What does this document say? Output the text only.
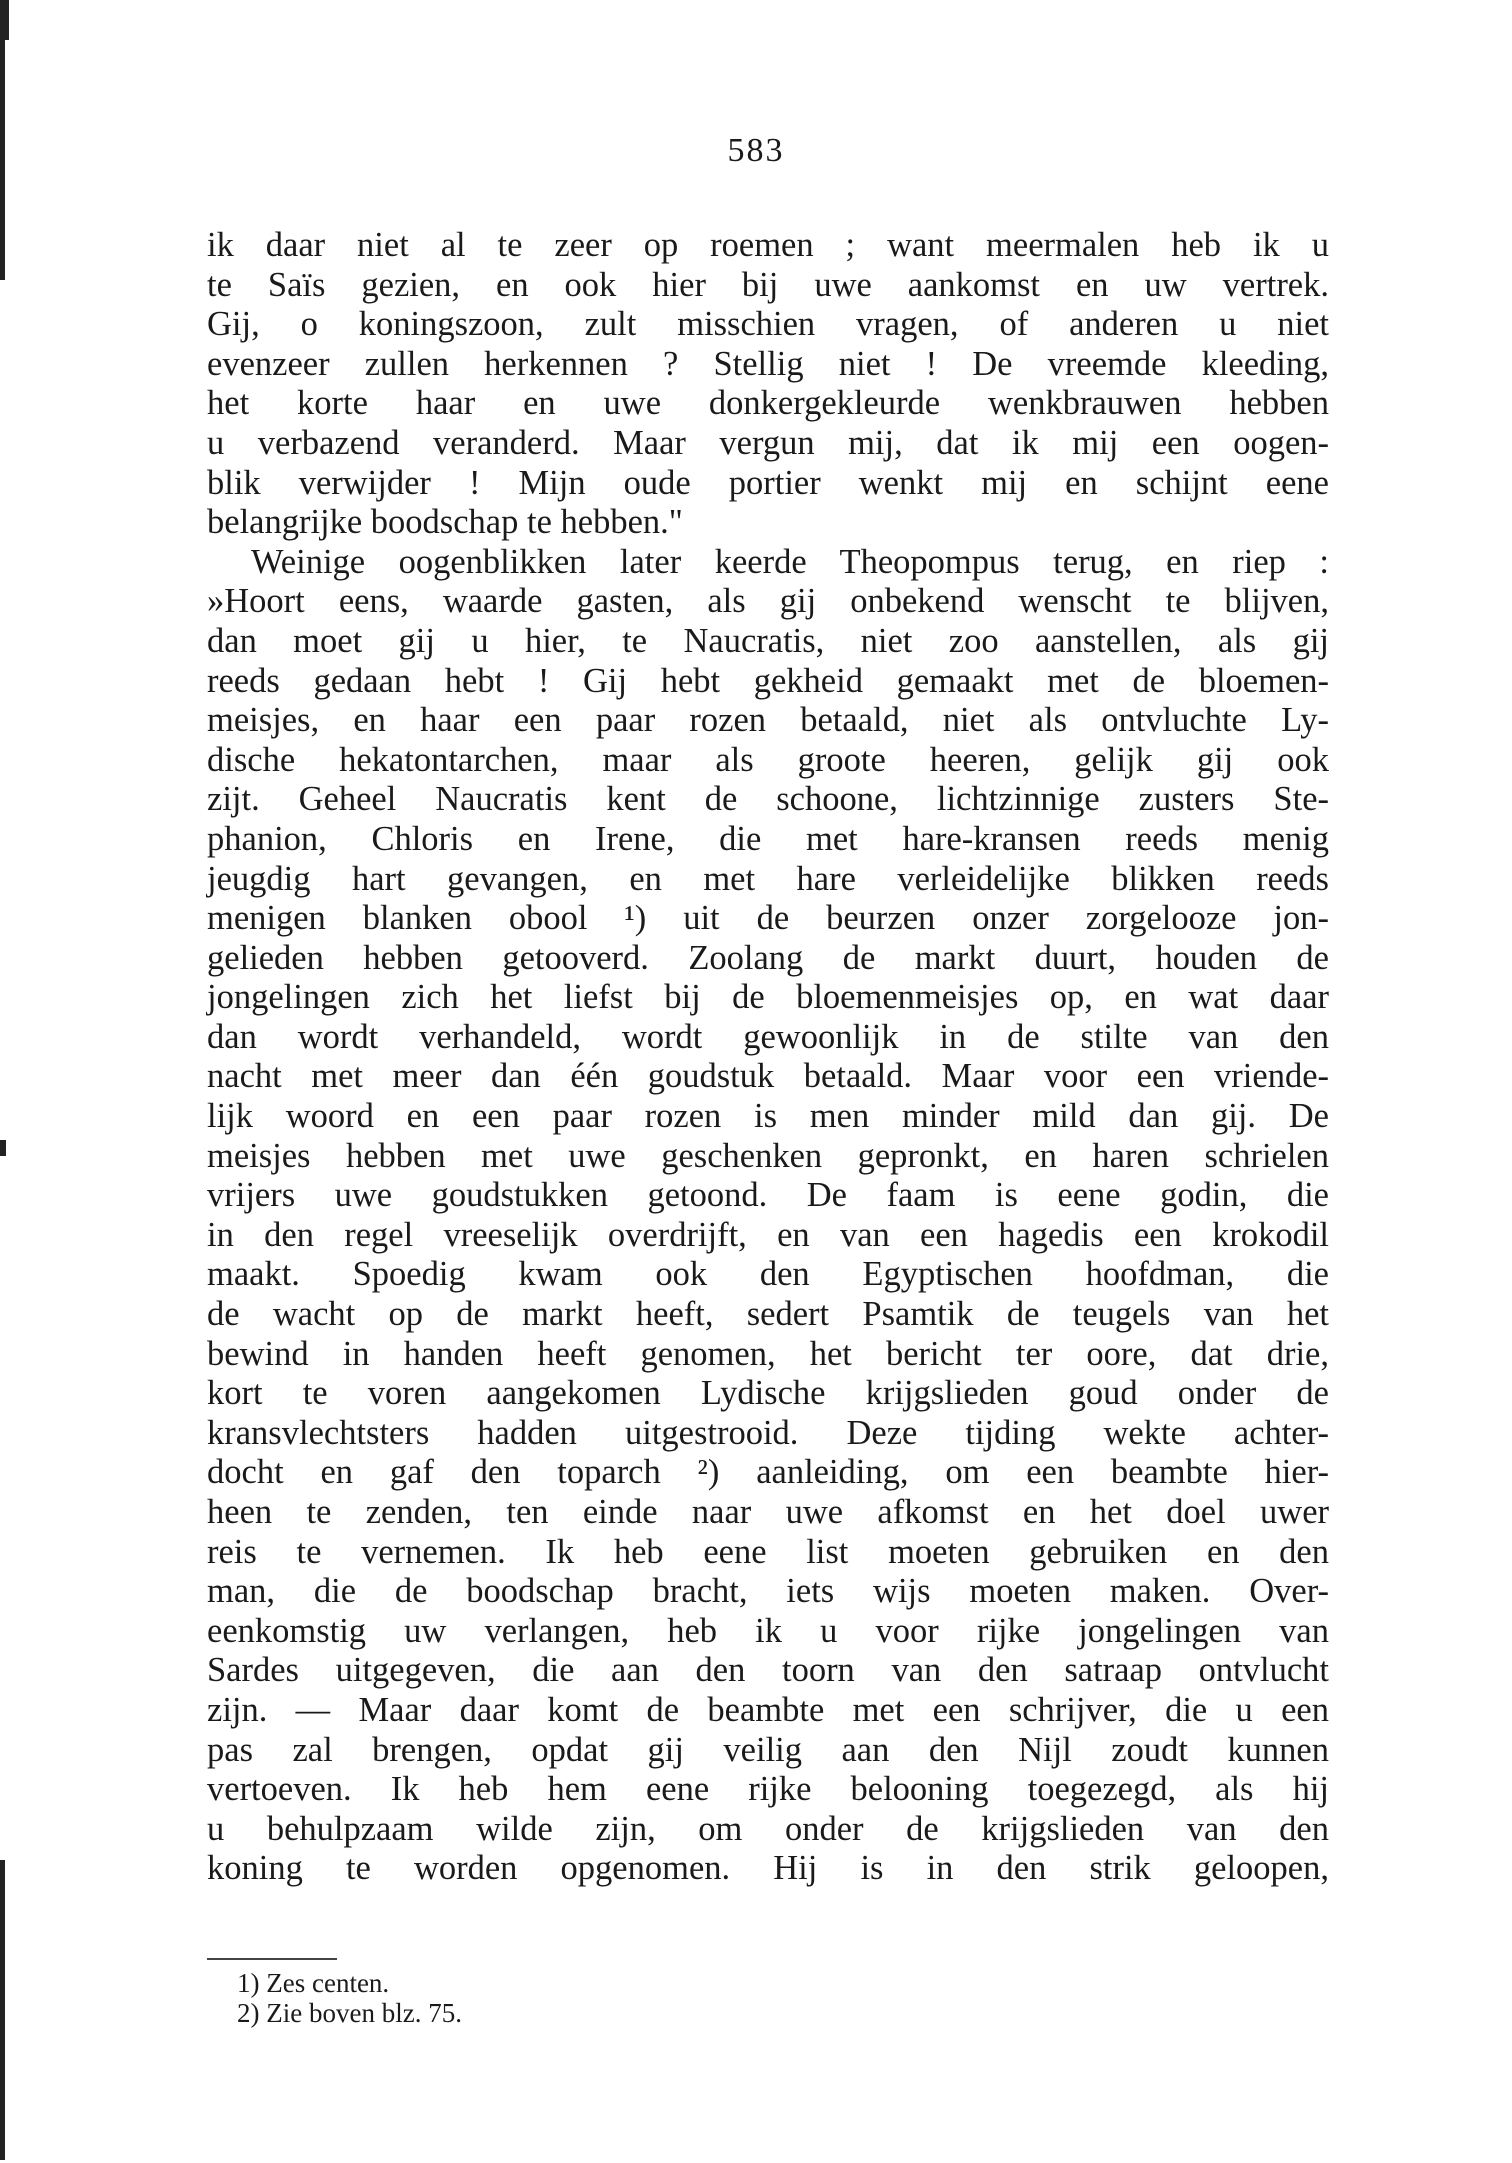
583
ik daar niet al te zeer op roemen ; want meermalen heb ik u
te Saïs gezien, en ook hier bij uwe aankomst en uw vertrek.
Gij, o koningszoon, zult misschien vragen, of anderen u niet
evenzeer zullen herkennen ? Stellig niet ! De vreemde kleeding,
het korte haar en uwe donkergekleurde wenkbrauwen hebben
u verbazend veranderd. Maar vergun mij, dat ik mij een oogen-
blik verwijder ! Mijn oude portier wenkt mij en schijnt eene
belangrijke boodschap te hebben."
Weinige oogenblikken later keerde Theopompus terug, en riep :
»Hoort eens, waarde gasten, als gij onbekend wenscht te blijven,
dan moet gij u hier, te Naucratis, niet zoo aanstellen, als gij
reeds gedaan hebt ! Gij hebt gekheid gemaakt met de bloemen-
meisjes, en haar een paar rozen betaald, niet als ontvluchte Ly-
dische hekatontarchen, maar als groote heeren, gelijk gij ook
zijt. Geheel Naucratis kent de schoone, lichtzinnige zusters Ste-
phanion, Chloris en Irene, die met hare-kransen reeds menig
jeugdig hart gevangen, en met hare verleidelijke blikken reeds
menigen blanken obool ¹) uit de beurzen onzer zorgelooze jon-
gelieden hebben getooverd. Zoolang de markt duurt, houden de
jongelingen zich het liefst bij de bloemenmeisjes op, en wat daar
dan wordt verhandeld, wordt gewoonlijk in de stilte van den
nacht met meer dan één goudstuk betaald. Maar voor een vriende-
lijk woord en een paar rozen is men minder mild dan gij. De
meisjes hebben met uwe geschenken gepronkt, en haren schrielen
vrijers uwe goudstukken getoond. De faam is eene godin, die
in den regel vreeselijk overdrijft, en van een hagedis een krokodil
maakt. Spoedig kwam ook den Egyptischen hoofdman, die
de wacht op de markt heeft, sedert Psamtik de teugels van het
bewind in handen heeft genomen, het bericht ter oore, dat drie,
kort te voren aangekomen Lydische krijgslieden goud onder de
kransvlechtsters hadden uitgestrooid. Deze tijding wekte achter-
docht en gaf den toparch ²) aanleiding, om een beambte hier-
heen te zenden, ten einde naar uwe afkomst en het doel uwer
reis te vernemen. Ik heb eene list moeten gebruiken en den
man, die de boodschap bracht, iets wijs moeten maken. Over-
eenkomstig uw verlangen, heb ik u voor rijke jongelingen van
Sardes uitgegeven, die aan den toorn van den satraap ontvlucht
zijn. — Maar daar komt de beambte met een schrijver, die u een
pas zal brengen, opdat gij veilig aan den Nijl zoudt kunnen
vertoeven. Ik heb hem eene rijke belooning toegezegd, als hij
u behulpzaam wilde zijn, om onder de krijgslieden van den
koning te worden opgenomen. Hij is in den strik geloopen,
1) Zes centen.
2) Zie boven blz. 75.
